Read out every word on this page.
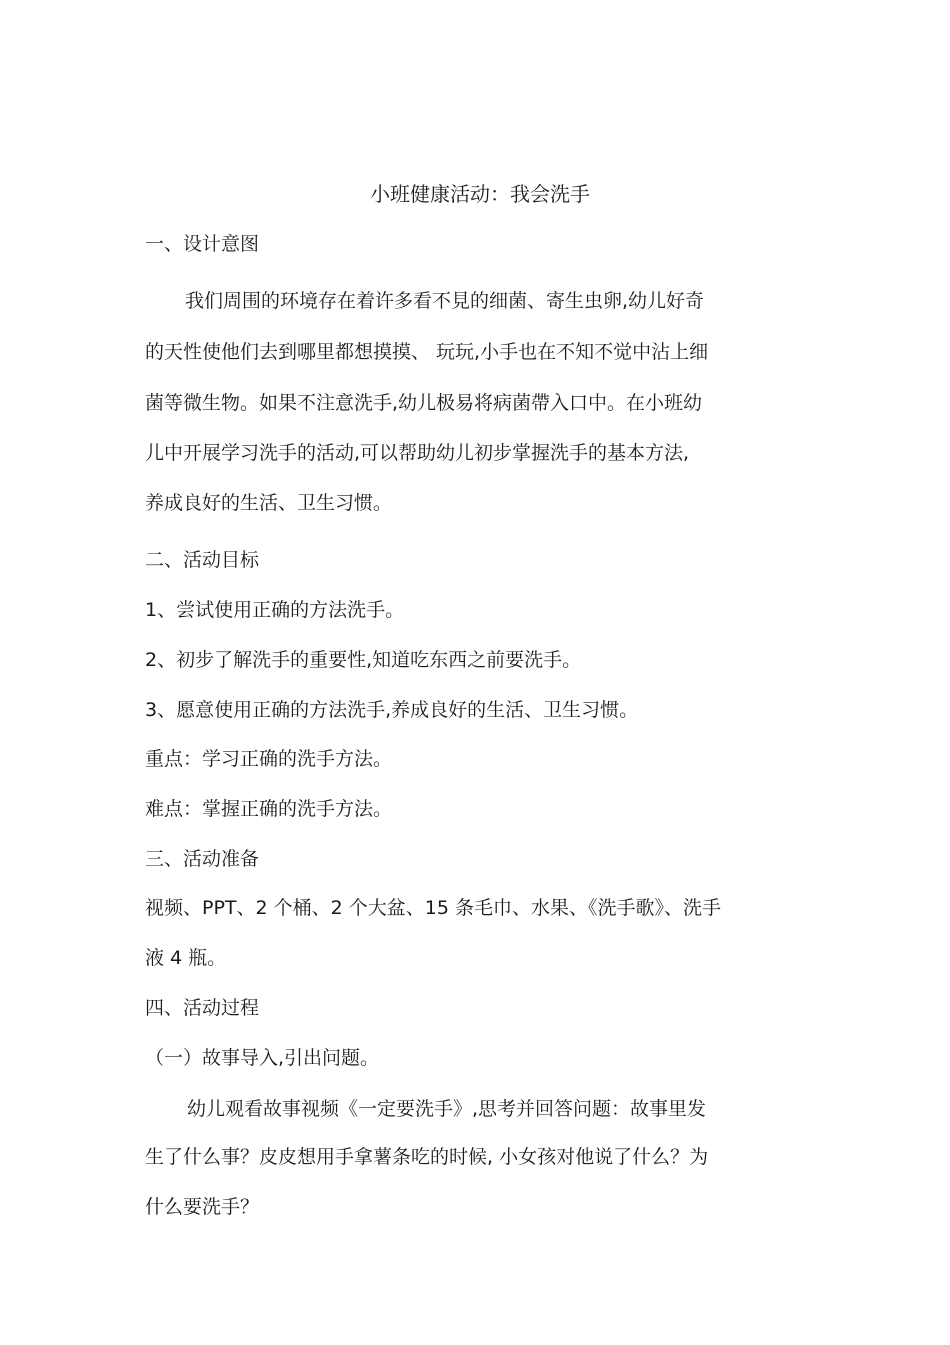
小班健康活动：我会洗手
一、设计意图
我们周围的环境存在着许多看不見的细菌、寄生虫卵,幼儿好奇
的天性使他们去到哪里都想摸摸、 玩玩,小手也在不知不觉中沾上细
菌等微生物。如果不注意洗手,幼儿极易将病菌帶入口中。在小班幼
儿中开展学习洗手的活动,可以帮助幼儿初步掌握洗手的基本方法,
养成良好的生活、卫生习惯。
二、活动目标
1、尝试使用正确的方法洗手。
2、初步了解洗手的重要性,知道吃东西之前要洗手。
3、愿意使用正确的方法洗手,养成良好的生活、卫生习惯。
重点：学习正确的洗手方法。
难点：掌握正确的洗手方法。
三、活动准备
视频、PPT、2 个桶、2 个大盆、15 条毛巾、水果、《洗手歌》、洗手
液 4 瓶。
四、活动过程
（一）故事导入,引出问题。
幼儿观看故事视频《一定要洗手》,思考并回答问题：故事里发
生了什么事？皮皮想用手拿薯条吃的时候, 小女孩对他说了什么？为
什么要洗手？
